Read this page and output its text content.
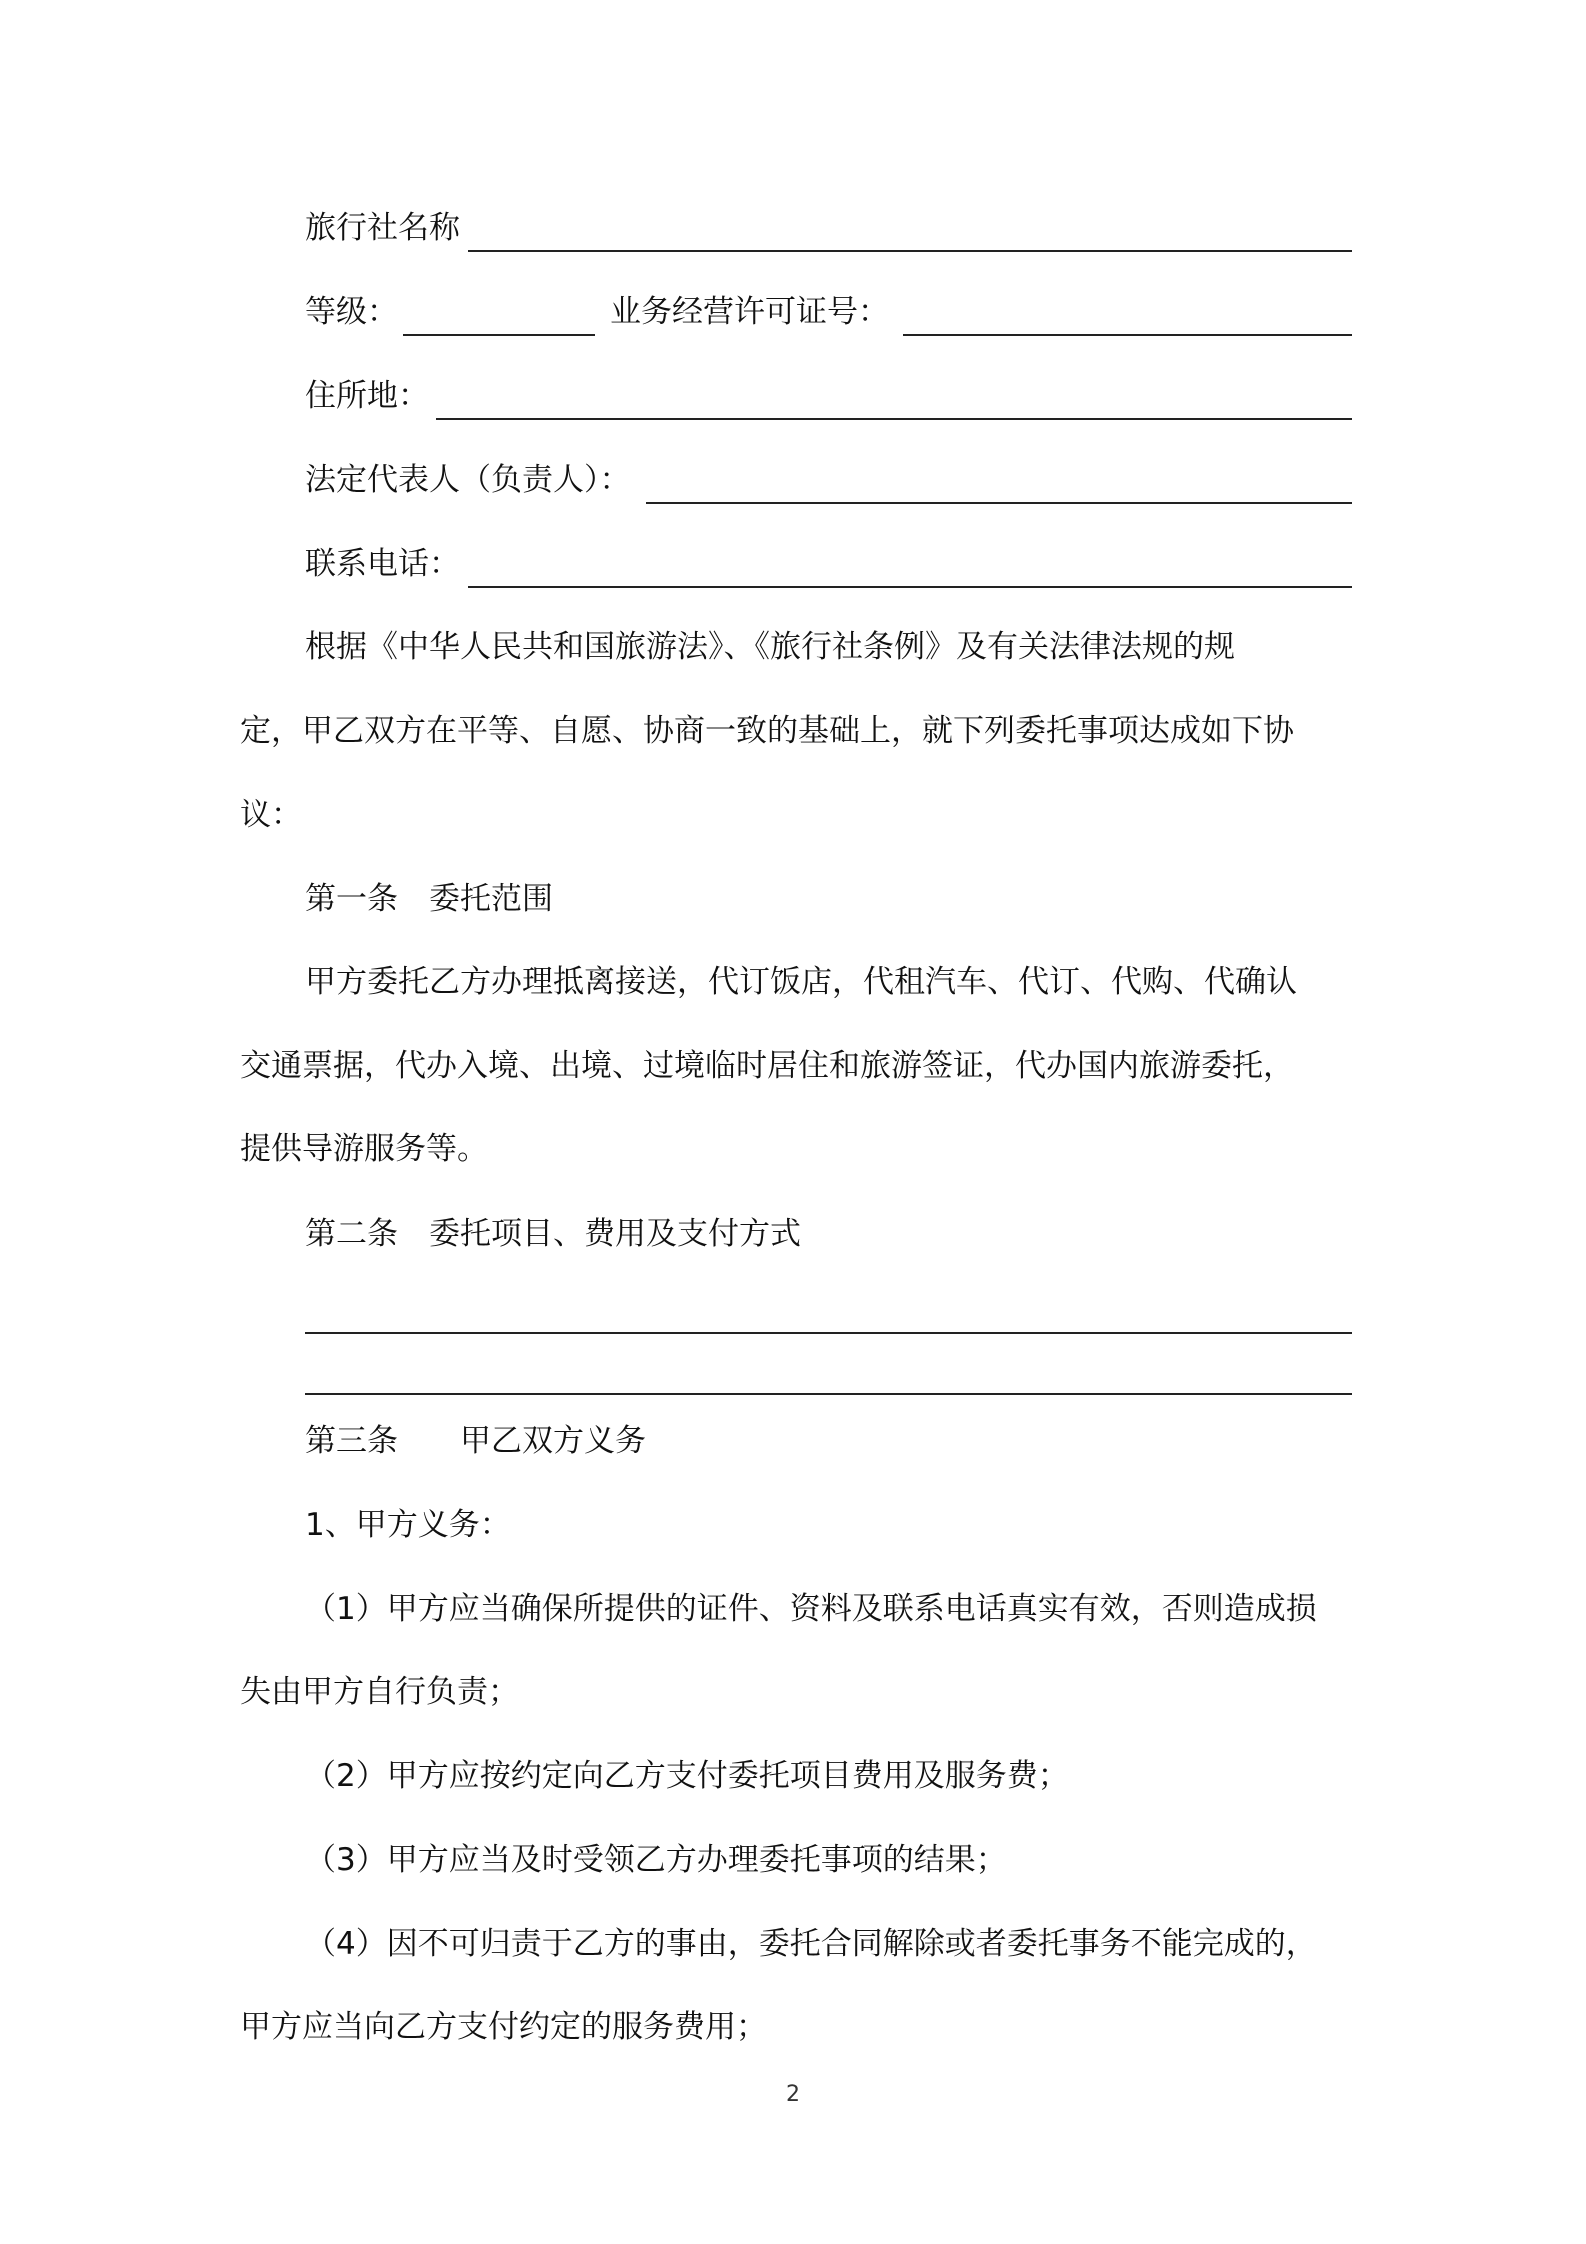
旅行社名称
等级：	业务经营许可证号：
住所地：
法定代表人（负责人）：
联系电话：
根据《中华人民共和国旅游法》、《旅行社条例》及有关法律法规的规
定，甲乙双方在平等、自愿、协商一致的基础上，就下列委托事项达成如下协
议：
第一条　委托范围
甲方委托乙方办理抵离接送，代订饭店，代租汽车、代订、代购、代确认
交通票据，代办入境、出境、过境临时居住和旅游签证，代办国内旅游委托，
提供导游服务等。
第二条　委托项目、费用及支付方式
第三条　　甲乙双方义务
1、甲方义务：
（1）甲方应当确保所提供的证件、资料及联系电话真实有效，否则造成损
失由甲方自行负责；
（2）甲方应按约定向乙方支付委托项目费用及服务费；
（3）甲方应当及时受领乙方办理委托事项的结果；
（4）因不可归责于乙方的事由，委托合同解除或者委托事务不能完成的，
甲方应当向乙方支付约定的服务费用；
2
